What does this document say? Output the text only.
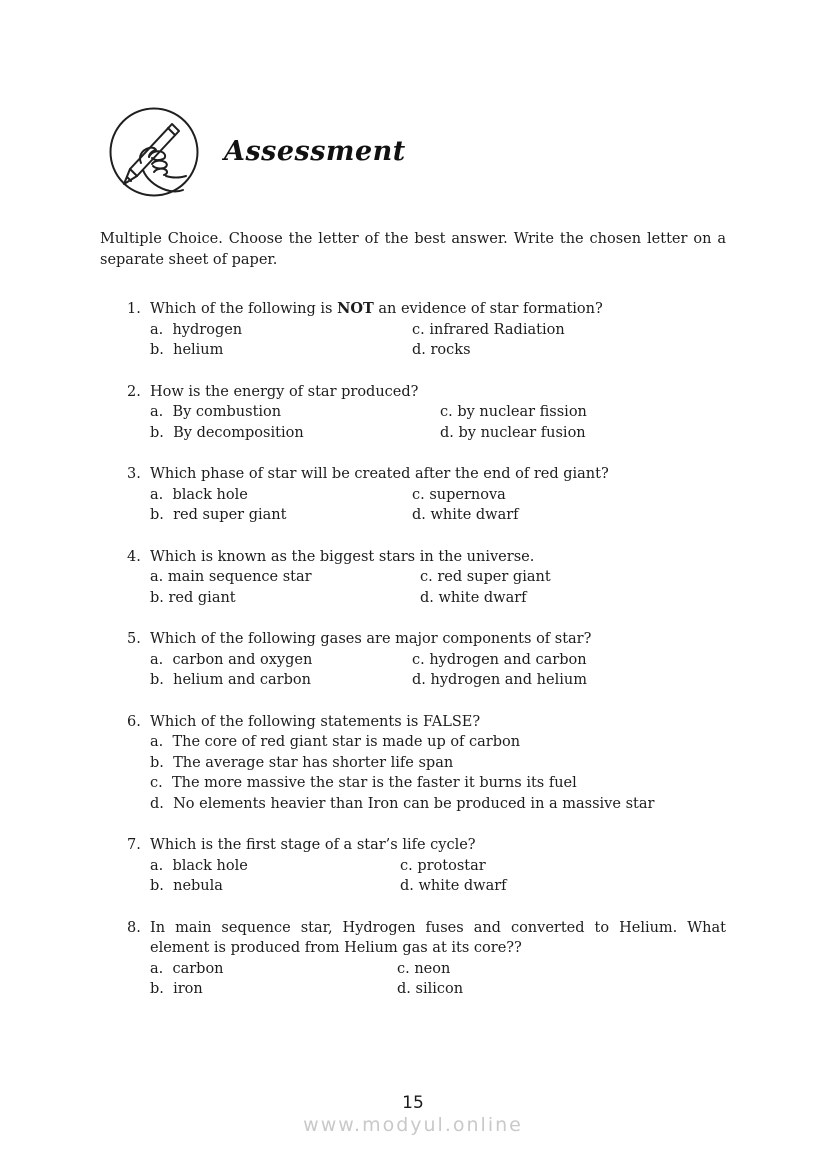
Assessment
Multiple Choice. Choose the letter of the best answer. Write the chosen letter on a
separate sheet of paper.
1. Which of the following is NOT an evidence of star formation?
a.  hydrogen	c. infrared Radiation
b.  helium	d. rocks
2. How is the energy of star produced?
a.  By combustion	c. by nuclear fission
b.  By decomposition	d. by nuclear fusion
3. Which phase of star will be created after the end of red giant?
a.  black hole	c. supernova
b.  red super giant	d. white dwarf
4. Which is known as the biggest stars in the universe.
a. main sequence star	c. red super giant
b. red giant	d. white dwarf
5. Which of the following gases are major components of star?
a.  carbon and oxygen	c. hydrogen and carbon
b.  helium and carbon	d. hydrogen and helium
6. Which of the following statements is FALSE?
a.  The core of red giant star is made up of carbon
b.  The average star has shorter life span
c.  The more massive the star is the faster it burns its fuel
d.  No elements heavier than Iron can be produced in a massive star
7. Which is the first stage of a star’s life cycle?
a.  black hole	c. protostar
b.  nebula	d. white dwarf
8. In main sequence star, Hydrogen fuses and converted to Helium. What
element is produced from Helium gas at its core??
a.  carbon	c. neon
b.  iron	d. silicon
15
www.modyul.online
